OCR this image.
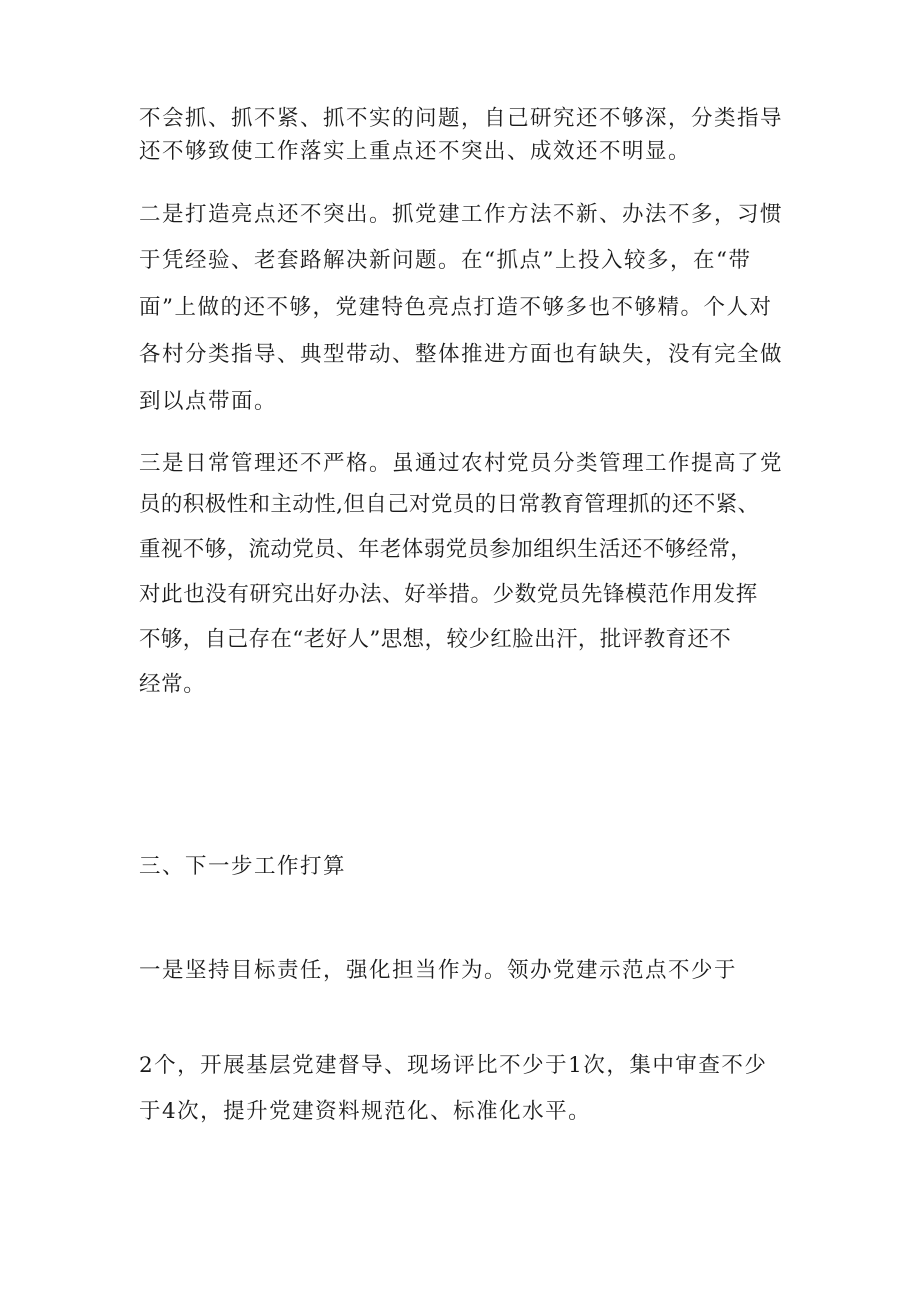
不会抓、抓不紧、抓不实的问题，自己研究还不够深，分类指导
还不够致使工作落实上重点还不突出、成效还不明显。
二是打造亮点还不突出。抓党建工作方法不新、办法不多，习惯
于凭经验、老套路解决新问题。在“抓点”上投入较多，在“带
面”上做的还不够，党建特色亮点打造不够多也不够精。个人对
各村分类指导、典型带动、整体推进方面也有缺失，没有完全做
到以点带面。
三是日常管理还不严格。虽通过农村党员分类管理工作提高了党
员的积极性和主动性,但自己对党员的日常教育管理抓的还不紧、
重视不够，流动党员、年老体弱党员参加组织生活还不够经常，
对此也没有研究出好办法、好举措。少数党员先锋模范作用发挥
不够，自己存在“老好人”思想，较少红脸出汗，批评教育还不
经常。
三、下一步工作打算
一是坚持目标责任，强化担当作为。领办党建示范点不少于
2个，开展基层党建督导、现场评比不少于1次，集中审查不少
于4次，提升党建资料规范化、标准化水平。
